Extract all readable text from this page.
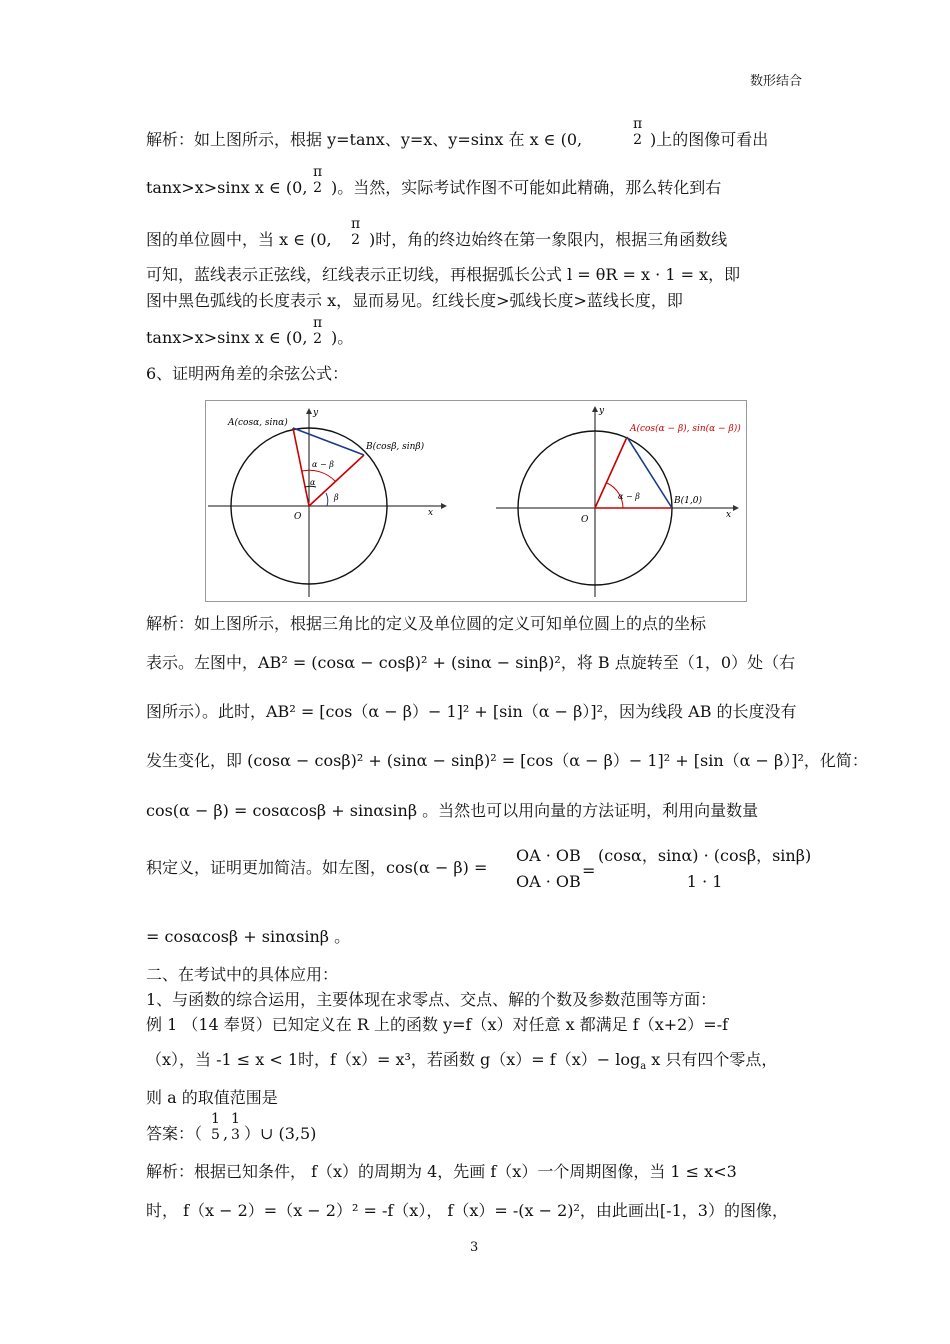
数形结合
解析：如上图所示，根据 y=tanx、y=x、y=sinx 在 x ∈ (0,
π
2 )上的图像可看出
tanx>x>sinx x ∈ (0,
π
2 )。当然，实际考试作图不可能如此精确，那么转化到右
图的单位圆中，当 x ∈ (0,
π
2 )时，角的终边始终在第一象限内，根据三角函数线
可知，蓝线表示正弦线，红线表示正切线，再根据弧长公式 l = θR = x · 1 = x，即
图中黑色弧线的长度表示 x，显而易见。红线长度>弧线长度>蓝线长度，即
tanx>x>sinx x ∈ (0,
π
2 )。
6、证明两角差的余弦公式：
A(cosα, sinα)
B(cosβ, sinβ)
α − β
α
β
O
y
x
A(cos(α − β), sin(α − β))
B(1,0)
α − β
O
y
x
解析：如上图所示，根据三角比的定义及单位圆的定义可知单位圆上的点的坐标
表示。左图中，AB² = (cosα − cosβ)² + (sinα − sinβ)²，将 B 点旋转至（1，0）处（右
图所示）。此时，AB² = [cos（α − β）− 1]² + [sin（α − β）]²，因为线段 AB 的长度没有
发生变化，即 (cosα − cosβ)² + (sinα − sinβ)² = [cos（α − β）− 1]² + [sin（α − β）]²，化简：
cos(α − β) = cosαcosβ + sinαsinβ 。当然也可以用向量的方法证明，利用向量数量
积定义，证明更加简洁。如左图，cos(α − β) =
OA · OB
OA · OB
=
(cosα，sinα) · (cosβ，sinβ)
1 · 1
= cosαcosβ + sinαsinβ 。
二、在考试中的具体应用：
1、与函数的综合运用，主要体现在求零点、交点、解的个数及参数范围等方面：
例 1 （14 奉贤）已知定义在 R 上的函数 y=f（x）对任意 x 都满足 f（x+2）=-f
（x），当 -1 ≤ x < 1时，f（x）= x³，若函数 $g(x)= f(x)- \log_a x$ 只有四个零点，
则 a 的取值范围是
答案：（
1
5 ,
1
3 ）∪ (3,5)
解析：根据已知条件， f（x）的周期为 4，先画 f（x）一个周期图像，当 1 ≤ x<3
时， f（x − 2）=（x − 2）² = -f（x）， f（x）= -(x − 2)²，由此画出[-1，3）的图像，
3
